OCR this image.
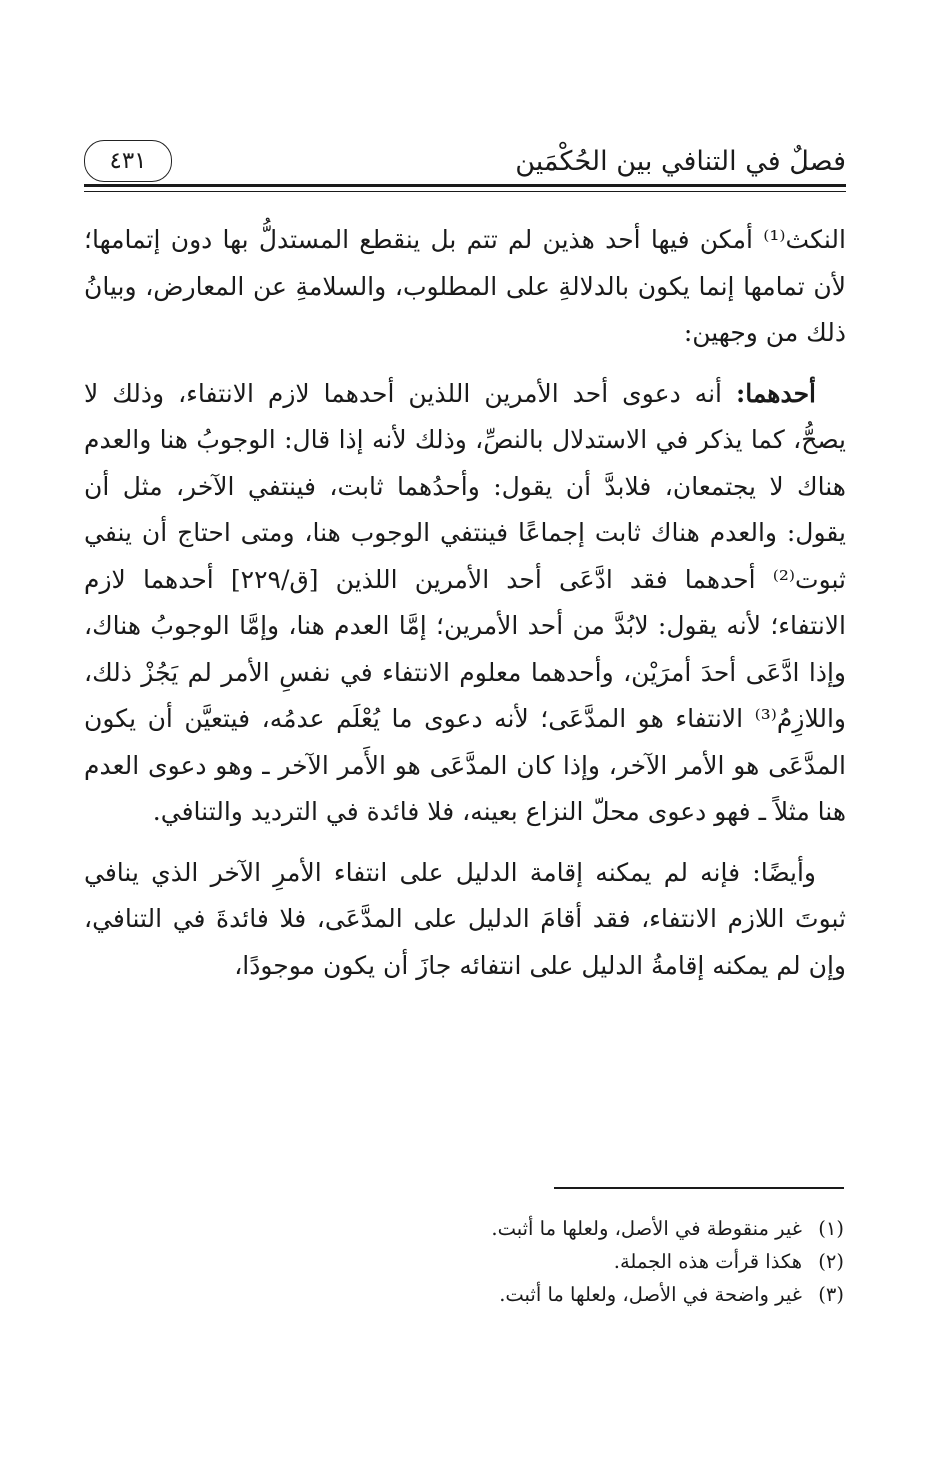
فصلٌ في التنافي بين الحُكْمَين
٤٣١

النكث⁽¹⁾ أمكن فيها أحد هذين لم تتم بل ينقطع المستدلُّ بها دون إتمامها؛ لأن تمامها إنما يكون بالدلالةِ على المطلوب، والسلامةِ عن المعارض، وبيانُ ذلك من وجهين:

أحدهما: أنه دعوى أحد الأمرين اللذين أحدهما لازم الانتفاء، وذلك لا يصحُّ، كما يذكر في الاستدلال بالنصِّ، وذلك لأنه إذا قال: الوجوبُ هنا والعدم هناك لا يجتمعان، فلابدَّ أن يقول: وأحدُهما ثابت، فينتفي الآخر، مثل أن يقول: والعدم هناك ثابت إجماعًا فينتفي الوجوب هنا، ومتى احتاج أن ينفي ثبوت⁽²⁾ أحدهما فقد ادَّعَى أحد الأمرين اللذين [ق/٢٢٩] أحدهما لازم الانتفاء؛ لأنه يقول: لابُدَّ من أحد الأمرين؛ إمَّا العدم هنا، وإمَّا الوجوبُ هناك، وإذا ادَّعَى أحدَ أمرَيْن، وأحدهما معلوم الانتفاء في نفسِ الأمر لم يَجُزْ ذلك، واللازِمُ⁽³⁾ الانتفاء هو المدَّعَى؛ لأنه دعوى ما يُعْلَم عدمُه، فيتعيَّن أن يكون المدَّعَى هو الأمر الآخر، وإذا كان المدَّعَى هو الأَمر الآخر ـ وهو دعوى العدم هنا مثلاً ـ فهو دعوى محلّ النزاع بعينه، فلا فائدة في الترديد والتنافي.

وأيضًا: فإنه لم يمكنه إقامة الدليل على انتفاء الأمرِ الآخر الذي ينافي ثبوتَ اللازم الانتفاء، فقد أقامَ الدليل على المدَّعَى، فلا فائدةَ في التنافي، وإن لم يمكنه إقامةُ الدليل على انتفائه جازَ أن يكون موجودًا،

(١)
غير منقوطة في الأصل، ولعلها ما أثبت.
(٢)
هكذا قرأت هذه الجملة.
(٣)
غير واضحة في الأصل، ولعلها ما أثبت.
